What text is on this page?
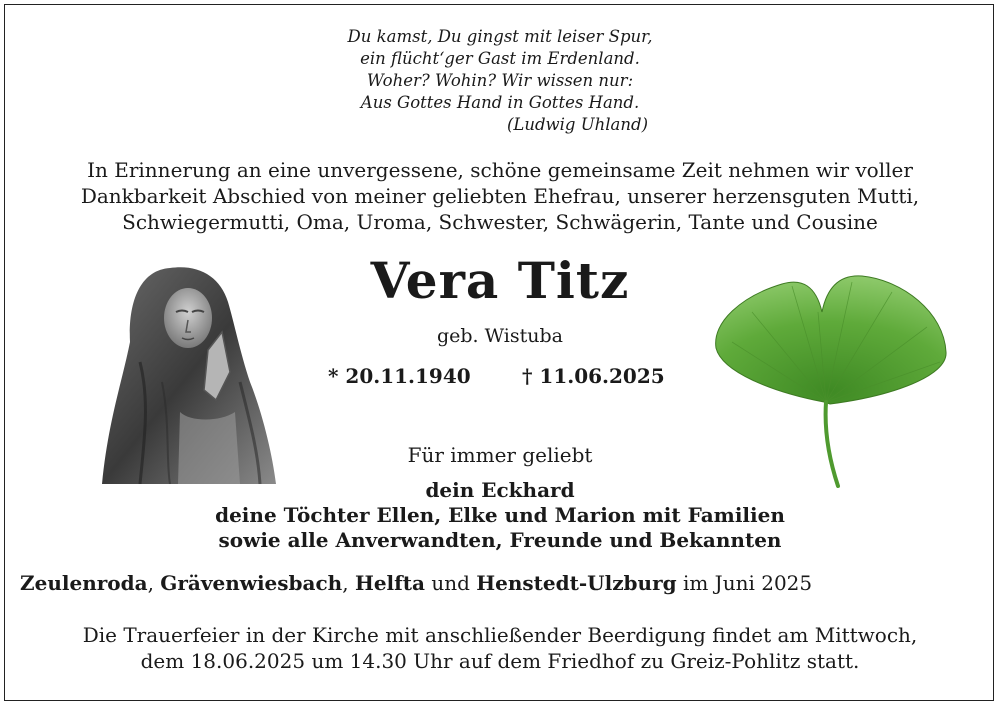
Du kamst, Du gingst mit leiser Spur,
ein flücht‘ger Gast im Erdenland.
Woher? Wohin? Wir wissen nur:
Aus Gottes Hand in Gottes Hand.
(Ludwig Uhland)
In Erinnerung an eine unvergessene, schöne gemeinsame Zeit nehmen wir voller
Dankbarkeit Abschied von meiner geliebten Ehefrau, unserer herzensguten Mutti,
Schwiegermutti, Oma, Uroma, Schwester, Schwägerin, Tante und Cousine
Vera Titz
geb. Wistuba
* 20.11.1940	† 11.06.2025
Für immer geliebt
dein Eckhard
deine Töchter Ellen, Elke und Marion mit Familien
sowie alle Anverwandten, Freunde und Bekannten
Zeulenroda, Grävenwiesbach, Helfta und Henstedt-Ulzburg im Juni 2025
Die Trauerfeier in der Kirche mit anschließender Beerdigung findet am Mittwoch,
dem 18.06.2025 um 14.30 Uhr auf dem Friedhof zu Greiz-Pohlitz statt.
